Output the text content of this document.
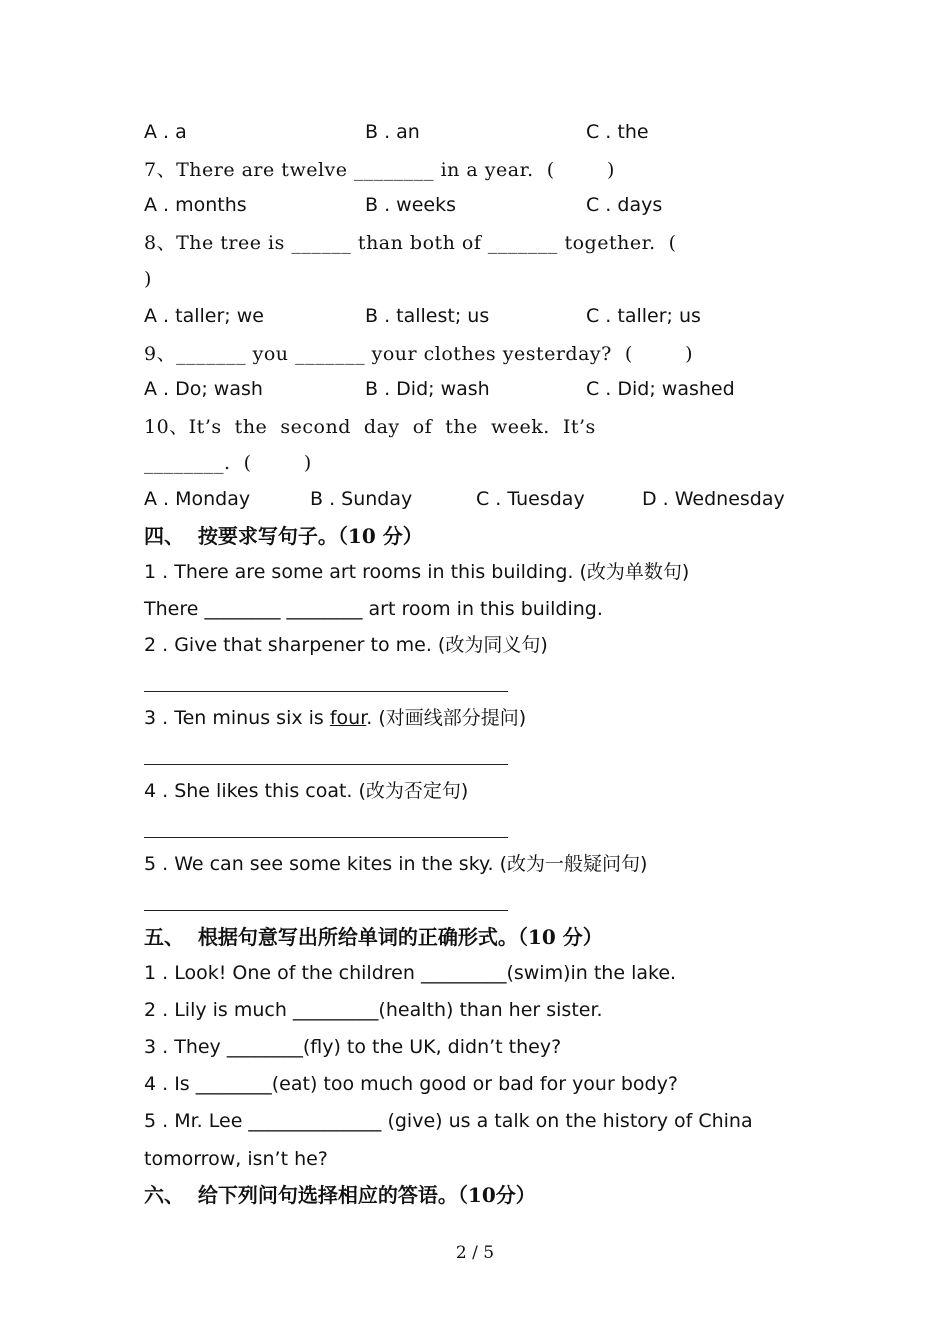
A . a	B . an	C . the
7、There are twelve ________ in a year.  (        )
A . months	B . weeks	C . days
8、The tree is ______ than both of _______ together.  (
)
A . taller; we	B . tallest; us	C . taller; us
9、_______ you _______ your clothes yesterday?  (        )
A . Do; wash	B . Did; wash	C . Did; washed
10、It’s  the  second  day  of  the  week.  It’s
________.  (        )
A . Monday	B . Sunday	C . Tuesday	D . Wednesday
四、  按要求写句子。（10 分）
1 . There are some art rooms in this building. (改为单数句)
There ________ ________ art room in this building.
2 . Give that sharpener to me. (改为同义句)
3 . Ten minus six is four. (对画线部分提问)
4 . She likes this coat. (改为否定句)
5 . We can see some kites in the sky. (改为一般疑问句)
五、  根据句意写出所给单词的正确形式。（10 分）
1 . Look! One of the children _________(swim)in the lake.
2 . Lily is much _________(health) than her sister.
3 . They ________(fly) to the UK, didn’t they?
4 . Is ________(eat) too much good or bad for your body?
5 . Mr. Lee ______________ (give) us a talk on the history of China
tomorrow, isn’t he?
六、  给下列问句选择相应的答语。（10分）
2 / 5
